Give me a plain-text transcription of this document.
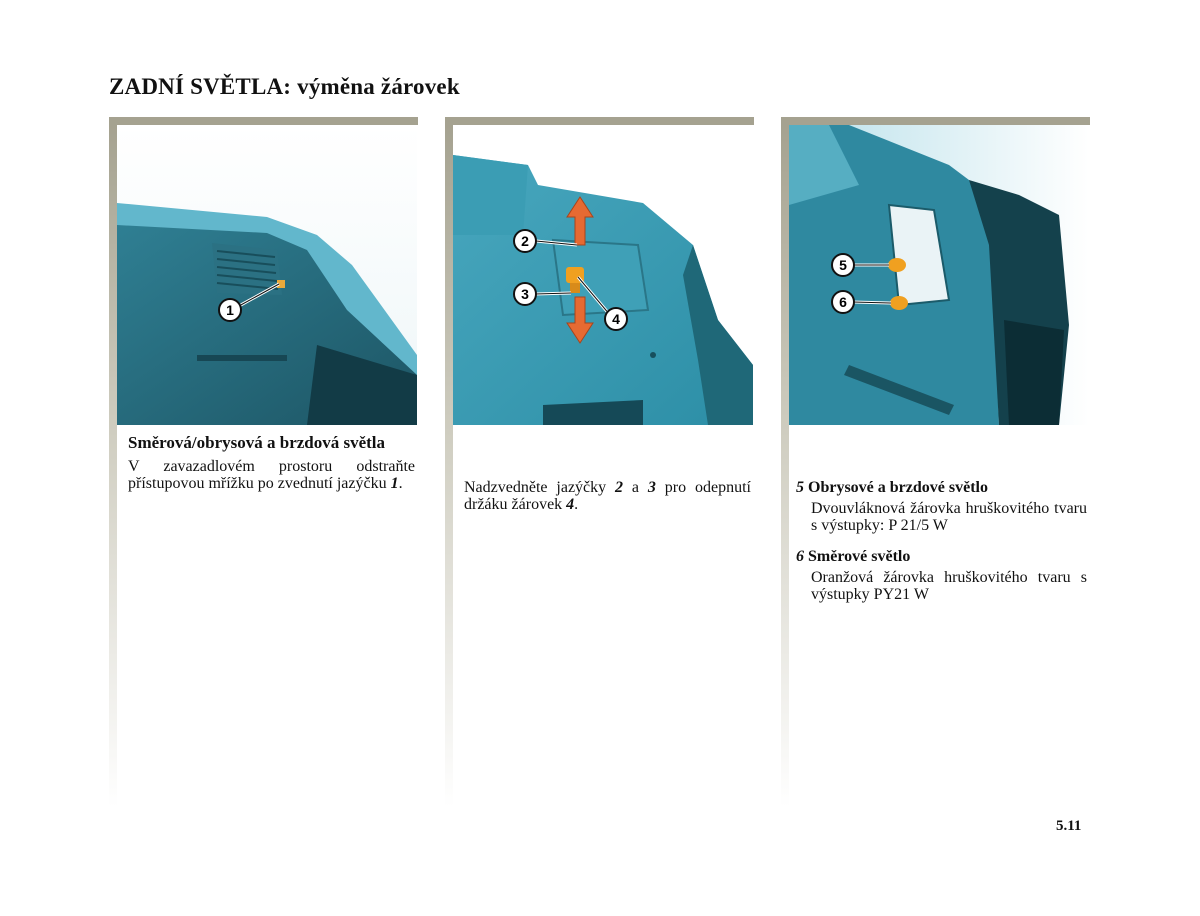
ZADNÍ SVĚTLA: výměna žárovek
1

Směrová/obrysová a brzdová světla

V zavazadlovém prostoru odstraňte přístupovou mřížku po zvednutí jazýčku 1.

2
3
4

Nadzvedněte jazýčky 2 a 3 pro odepnutí držáku žárovek 4.

5
6

5 Obrysové a brzdové světlo

Dvouvláknová žárovka hruškovitého tvaru s výstupky: P 21/5 W

6 Směrové světlo

Oranžová žárovka hruškovitého tvaru s výstupky PY21 W

5.11
